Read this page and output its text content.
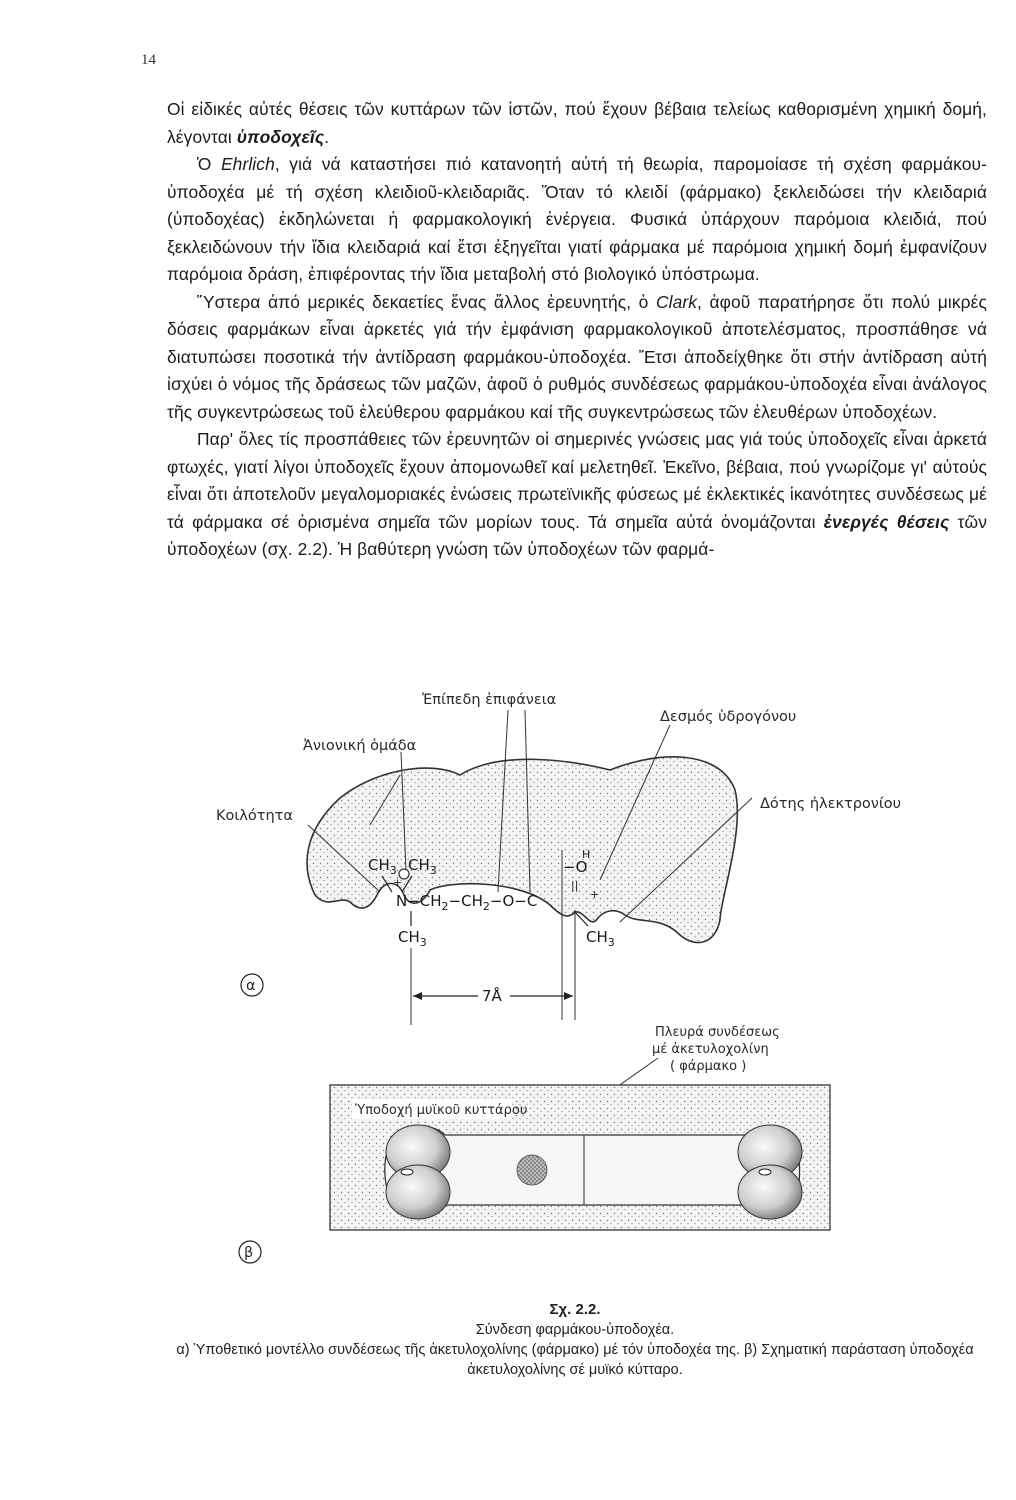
14

Οἱ εἰδικές αὐτές θέσεις τῶν κυττάρων τῶν ἱστῶν, πού ἔχουν βέβαια τελείως καθορισμένη χημική δομή, λέγονται ὑποδοχεῖς.

Ὁ Ehrlich, γιά νά καταστήσει πιό κατανοητή αὐτή τή θεωρία, παρομοίασε τή σχέση φαρμάκου-ὑποδοχέα μέ τή σχέση κλειδιοῦ-κλειδαριᾶς. Ὅταν τό κλειδί (φάρμακο) ξεκλειδώσει τήν κλειδαριά (ὑποδοχέας) ἐκδηλώνεται ἡ φαρμακολογική ἐνέργεια. Φυσικά ὑπάρχουν παρόμοια κλειδιά, πού ξεκλειδώνουν τήν ἴδια κλειδαριά καί ἔτσι ἐξηγεῖται γιατί φάρμακα μέ παρόμοια χημική δομή ἐμφανίζουν παρόμοια δράση, ἐπιφέροντας τήν ἴδια μεταβολή στό βιολογικό ὑπόστρωμα.

Ὕστερα ἀπό μερικές δεκαετίες ἕνας ἄλλος ἐρευνητής, ὁ Clark, ἀφοῦ παρατήρησε ὅτι πολύ μικρές δόσεις φαρμάκων εἶναι ἀρκετές γιά τήν ἐμφάνιση φαρμακολογικοῦ ἀποτελέσματος, προσπάθησε νά διατυπώσει ποσοτικά τήν ἀντίδραση φαρμάκου-ὑποδοχέα. Ἔτσι ἀποδείχθηκε ὅτι στήν ἀντίδραση αὐτή ἰσχύει ὁ νόμος τῆς δράσεως τῶν μαζῶν, ἀφοῦ ὁ ρυθμός συνδέσεως φαρμάκου-ὑποδοχέα εἶναι ἀνάλογος τῆς συγκεντρώσεως τοῦ ἐλεύθερου φαρμάκου καί τῆς συγκεντρώσεως τῶν ἐλευθέρων ὑποδοχέων.

Παρ' ὅλες τίς προσπάθειες τῶν ἐρευνητῶν οἱ σημερινές γνώσεις μας γιά τούς ὑποδοχεῖς εἶναι ἀρκετά φτωχές, γιατί λίγοι ὑποδοχεῖς ἔχουν ἀπομονωθεῖ καί μελετηθεῖ. Ἐκεῖνο, βέβαια, πού γνωρίζομε γι' αὐτούς εἶναι ὅτι ἀποτελοῦν μεγαλομοριακές ἑνώσεις πρωτεϊνικῆς φύσεως μέ ἐκλεκτικές ἱκανότητες συνδέσεως μέ τά φάρμακα σέ ὁρισμένα σημεῖα τῶν μορίων τους. Τά σημεῖα αὐτά ὀνομάζονται ἐνεργές θέσεις τῶν ὑποδοχέων (σχ. 2.2). Ἡ βαθύτερη γνώση τῶν ὑποδοχέων τῶν φαρμά-

Ἐπίπεδη ἐπιφάνεια
Ἀνιονική ὁμάδα
Δεσμός ὑδρογόνου
Κοιλότητα
Δότης ἠλεκτρονίου
$CH_3$ $CH_3$
+
$N-CH_2-CH_2-O-C$
$CH_3$
−O
H
||
+
$CH_3$
7Å
α
Πλευρά συνδέσεως
μέ ἀκετυλοχολίνη
( φάρμακο )
Ὑποδοχή μυϊκοῦ κυττάρου
β
Σχ. 2.2.
Σύνδεση φαρμάκου-ὑποδοχέα.
α) Ὑποθετικό μοντέλλο συνδέσεως τῆς ἀκετυλοχολίνης (φάρμακο) μέ τόν ὑποδοχέα της. β) Σχηματική παράσταση ὑποδοχέα ἀκετυλοχολίνης σέ μυϊκό κύτταρο.
